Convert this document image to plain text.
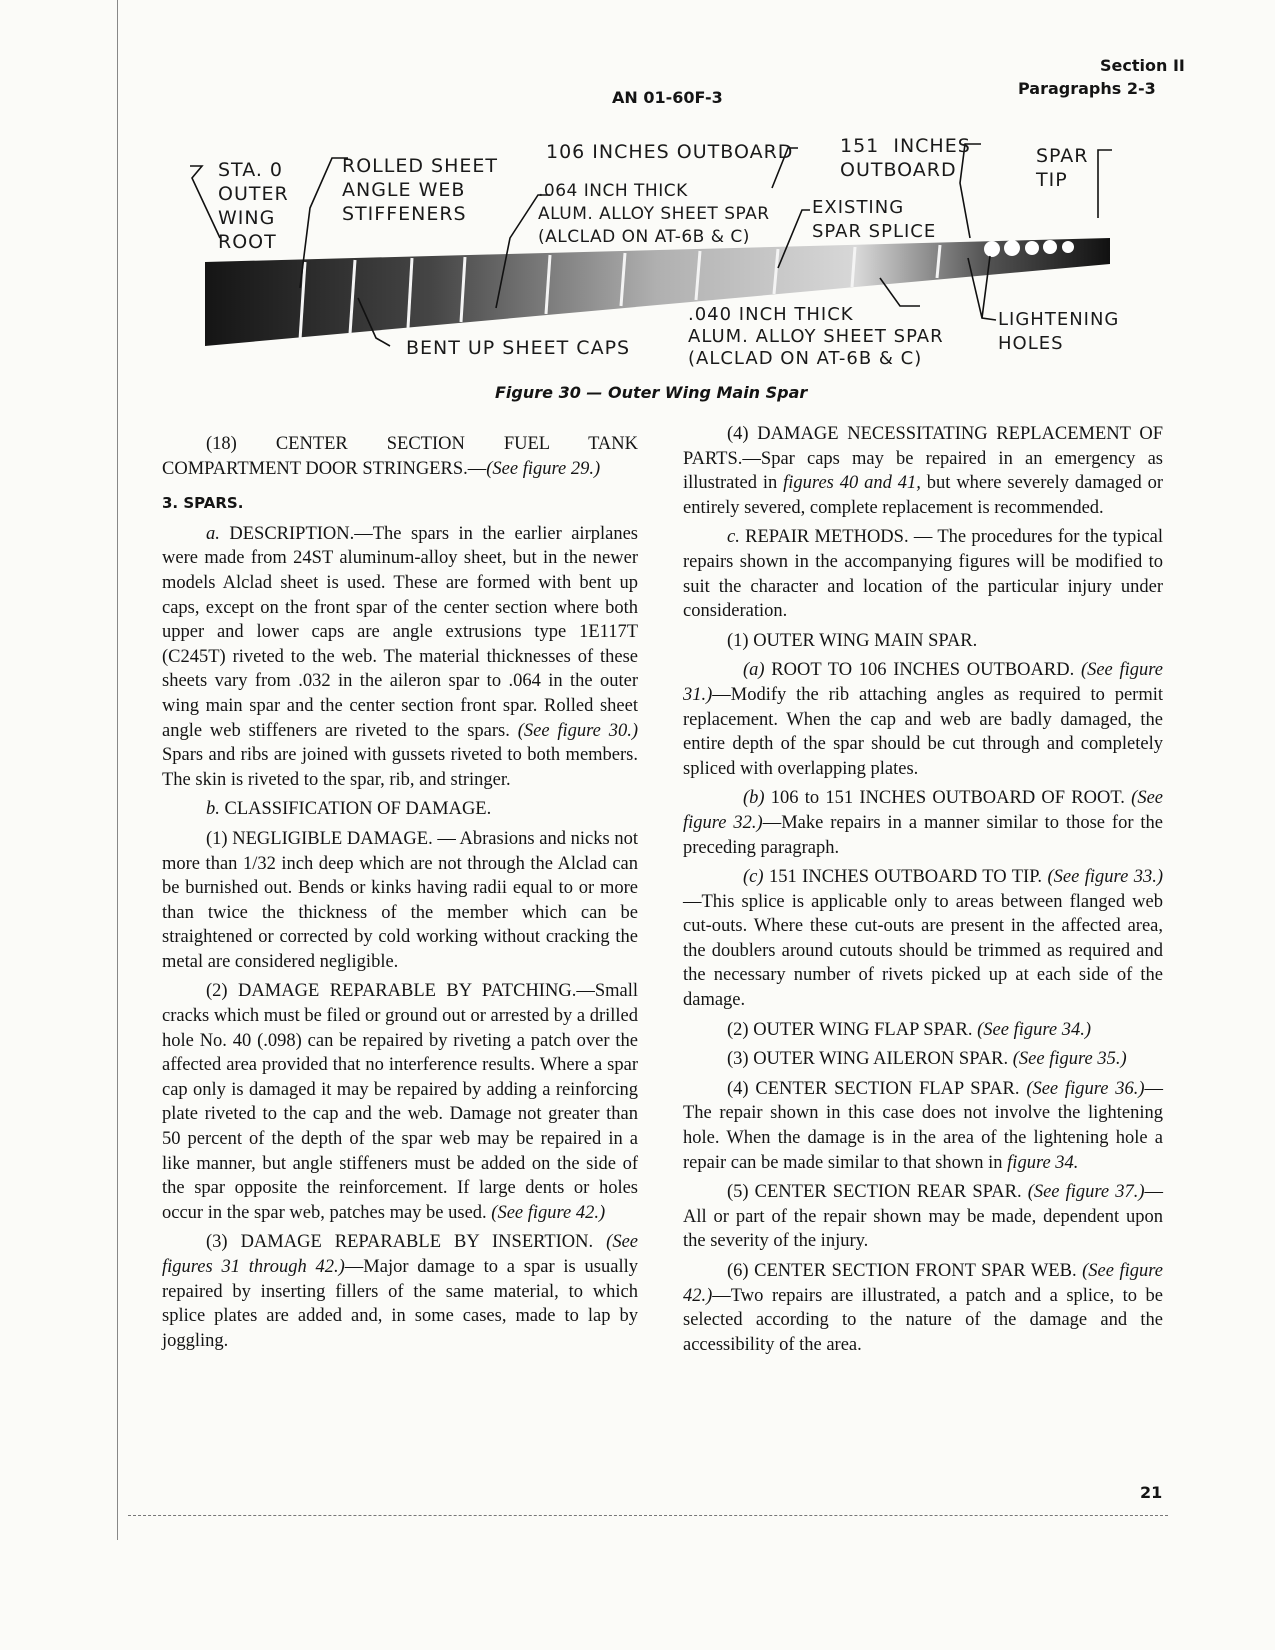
AN 01-60F-3
Section II
Paragraphs 2-3
STA. 0
OUTER
WING
ROOT
ROLLED SHEET
ANGLE WEB
STIFFENERS
106 INCHES OUTBOARD
.064 INCH THICK
ALUM. ALLOY SHEET SPAR
(ALCLAD ON AT-6B & C)
151  INCHES
OUTBOARD
EXISTING
SPAR SPLICE
SPAR
TIP
.040 INCH THICK
ALUM. ALLOY SHEET SPAR
(ALCLAD ON AT-6B & C)
LIGHTENING
HOLES
BENT UP SHEET CAPS
Figure 30 — Outer Wing Main Spar

(18) CENTER SECTION FUEL TANK COMPARTMENT DOOR STRINGERS.—(See figure 29.)

3. SPARS.

a. DESCRIPTION.—The spars in the earlier airplanes were made from 24ST aluminum-alloy sheet, but in the newer models Alclad sheet is used. These are formed with bent up caps, except on the front spar of the center section where both upper and lower caps are angle extrusions type 1E117T (C245T) riveted to the web. The material thicknesses of these sheets vary from .032 in the aileron spar to .064 in the outer wing main spar and the center section front spar. Rolled sheet angle web stiffeners are riveted to the spars. (See figure 30.) Spars and ribs are joined with gussets riveted to both members. The skin is riveted to the spar, rib, and stringer.

b. CLASSIFICATION OF DAMAGE.

(1) NEGLIGIBLE DAMAGE. — Abrasions and nicks not more than 1/32 inch deep which are not through the Alclad can be burnished out. Bends or kinks having radii equal to or more than twice the thickness of the member which can be straightened or corrected by cold working without cracking the metal are considered negligible.

(2) DAMAGE REPARABLE BY PATCHING.—Small cracks which must be filed or ground out or arrested by a drilled hole No. 40 (.098) can be repaired by riveting a patch over the affected area provided that no interference results. Where a spar cap only is damaged it may be repaired by adding a reinforcing plate riveted to the cap and the web. Damage not greater than 50 percent of the depth of the spar web may be repaired in a like manner, but angle stiffeners must be added on the side of the spar opposite the reinforcement. If large dents or holes occur in the spar web, patches may be used. (See figure 42.)

(3) DAMAGE REPARABLE BY INSERTION. (See figures 31 through 42.)—Major damage to a spar is usually repaired by inserting fillers of the same material, to which splice plates are added and, in some cases, made to lap by joggling.

(4) DAMAGE NECESSITATING REPLACEMENT OF PARTS.—Spar caps may be repaired in an emergency as illustrated in figures 40 and 41, but where severely damaged or entirely severed, complete replacement is recommended.

c. REPAIR METHODS. — The procedures for the typical repairs shown in the accompanying figures will be modified to suit the character and location of the particular injury under consideration.

(1) OUTER WING MAIN SPAR.

(a) ROOT TO 106 INCHES OUTBOARD. (See figure 31.)—Modify the rib attaching angles as required to permit replacement. When the cap and web are badly damaged, the entire depth of the spar should be cut through and completely spliced with overlapping plates.

(b) 106 to 151 INCHES OUTBOARD OF ROOT. (See figure 32.)—Make repairs in a manner similar to those for the preceding paragraph.

(c) 151 INCHES OUTBOARD TO TIP. (See figure 33.)—This splice is applicable only to areas between flanged web cut-outs. Where these cut-outs are present in the affected area, the doublers around cutouts should be trimmed as required and the necessary number of rivets picked up at each side of the damage.

(2) OUTER WING FLAP SPAR. (See figure 34.)

(3) OUTER WING AILERON SPAR. (See figure 35.)

(4) CENTER SECTION FLAP SPAR. (See figure 36.)—The repair shown in this case does not involve the lightening hole. When the damage is in the area of the lightening hole a repair can be made similar to that shown in figure 34.

(5) CENTER SECTION REAR SPAR. (See figure 37.)—All or part of the repair shown may be made, dependent upon the severity of the injury.

(6) CENTER SECTION FRONT SPAR WEB. (See figure 42.)—Two repairs are illustrated, a patch and a splice, to be selected according to the nature of the damage and the accessibility of the area.

21
